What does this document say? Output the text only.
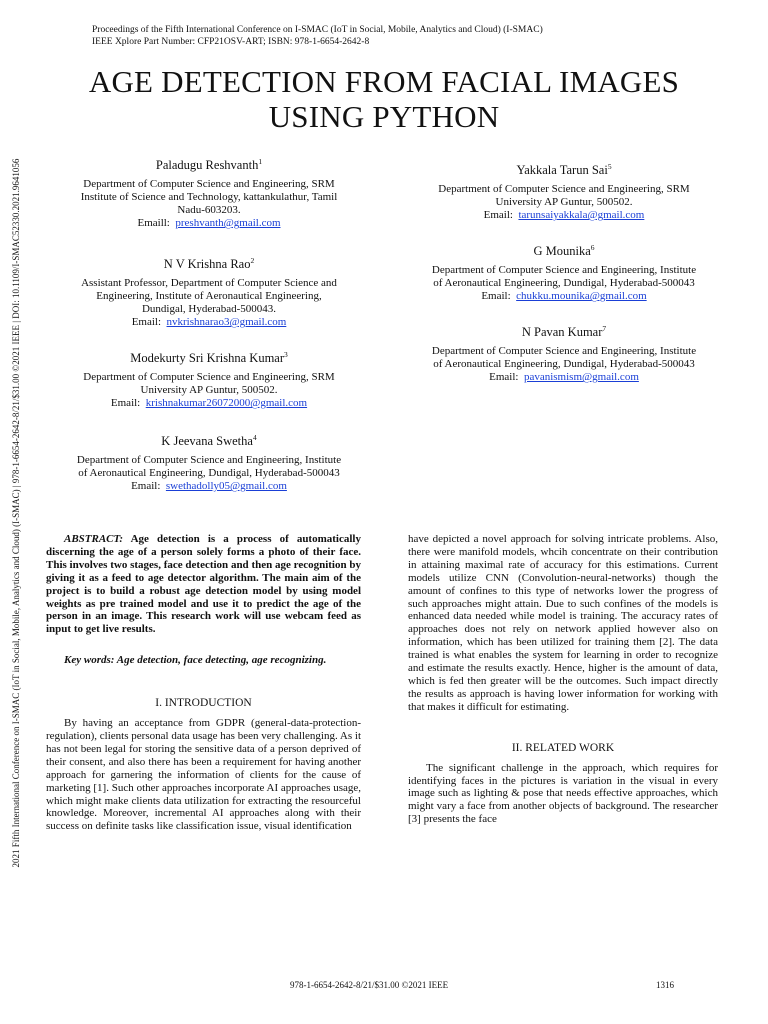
Proceedings of the Fifth International Conference on I-SMAC (IoT in Social, Mobile, Analytics and Cloud) (I-SMAC)
IEEE Xplore Part Number: CFP21OSV-ART; ISBN: 978-1-6654-2642-8
AGE DETECTION FROM FACIAL IMAGES
USING PYTHON
2021 Fifth International Conference on I-SMAC (IoT in Social, Mobile, Analytics and Cloud) (I-SMAC) | 978-1-6654-2642-8/21/$31.00 ©2021 IEEE | DOI: 10.1109/I-SMAC52330.2021.9641056	Paladugu Reshvanth$^1$
Department of Computer Science and Engineering, SRM
Institute of Science and Technology, kattankulathur, Tamil
Nadu-603203.
Emaill: preshvanth@gmail.com
N V Krishna Rao$^2$
Assistant Professor, Department of Computer Science and
Engineering, Institute of Aeronautical Engineering,
Dundigal, Hyderabad-500043.
Email: nvkrishnarao3@gmail.com
Modekurty Sri Krishna Kumar$^3$
Department of Computer Science and Engineering, SRM
University AP Guntur, 500502.
Email: krishnakumar26072000@gmail.com
K Jeevana Swetha$^4$
Department of Computer Science and Engineering, Institute
of Aeronautical Engineering, Dundigal, Hyderabad-500043
Email: swethadolly05@gmail.com
Yakkala Tarun Sai$^5$
Department of Computer Science and Engineering, SRM
University AP Guntur, 500502.
Email: tarunsaiyakkala@gmail.com
G Mounika$^6$
Department of Computer Science and Engineering, Institute
of Aeronautical Engineering, Dundigal, Hyderabad-500043
Email: chukku.mounika@gmail.com
N Pavan Kumar$^7$
Department of Computer Science and Engineering, Institute
of Aeronautical Engineering, Dundigal, Hyderabad-500043
Email: pavanismism@gmail.com

ABSTRACT: Age detection is a process of automatically discerning the age of a person solely forms a photo of their face. This involves two stages, face detection and then age recognition by giving it as a feed to age detector algorithm. The main aim of the project is to build a robust age detection model by using model weights as pre trained model and use it to predict the age of the person in an image. This research work will use webcam feed as input to get live results.

Key words: Age detection, face detecting, age recognizing.

I. INTRODUCTION

By having an acceptance from GDPR (general-data-protection-regulation), clients personal data usage has been very challenging. As it has not been legal for storing the sensitive data of a person deprived of their consent, and also there has been a requirement for having another approach for garnering the information of clients for the cause of marketing [1]. Such other approaches incorporate AI approaches usage, which might make clients data utilization for extracting the resourceful knowledge. Moreover, incremental AI approaches along with their success on definite tasks like classification issue, visual identification

have depicted a novel approach for solving intricate problems. Also, there were manifold models, whcih concentrate on their contribution in attaining maximal rate of accuracy for this estimations. Current models utilize CNN (Convolution-neural-networks) though the amount of confines to this type of networks lower the progress of such approaches might attain. Due to such confines of the models is enhanced data needed while model is training. The accuracy rates of approaches does not rely on network applied however also on information, which has been utilized for training them [2]. The data trained is what enables the system for learning in order to recognize and estimate the results exactly. Hence, higher is the amount of data, which is fed then greater will be the outcomes. Such impact directly the results as approach is having lower information for working with that makes it difficult for estimating.

II. RELATED WORK

The significant challenge in the approach, which requires for identifying faces in the pictures is variation in the visual in every image such as lighting & pose that needs effective approaches, which might vary a face from another objects of background. The researcher [3] presents the face

978-1-6654-2642-8/21/$31.00 ©2021 IEEE	1316
